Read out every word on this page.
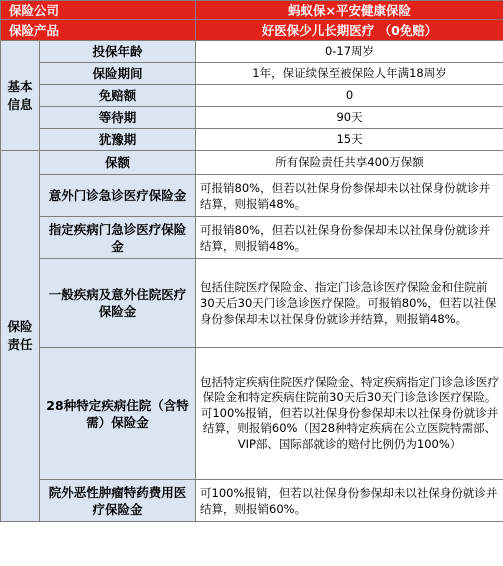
保险公司		蚂蚁保×平安健康保险
保险产品		好医保少儿长期医疗 （0免赔）
基本信息	投保年龄	0-17周岁
	保险期间	1年，保证续保至被保险人年满18周岁
	免赔额	0
	等待期	90天
	犹豫期	15天
保险责任	保额	所有保险责任共享400万保额
	意外门诊急诊医疗保险金	可报销80%，但若以社保身份参保却未以社保身份就诊并结算，则报销48%。
	指定疾病门急诊医疗保险金	可报销80%，但若以社保身份参保却未以社保身份就诊并结算，则报销48%。
	一般疾病及意外住院医疗保险金	包括住院医疗保险金、指定门诊急诊医疗保险金和住院前30天后30天门诊急诊医疗保险。可报销80%，但若以社保身份参保却未以社保身份就诊并结算，则报销48%。
	28种特定疾病住院（含特需）保险金	包括特定疾病住院医疗保险金、特定疾病指定门诊急诊医疗保险金和特定疾病住院前30天后30天门诊急诊医疗保险。可100%报销，但若以社保身份参保却未以社保身份就诊并结算，则报销60%（因28种特定疾病在公立医院特需部、VIP部、国际部就诊的赔付比例仍为100%）
	院外恶性肿瘤特药费用医疗保险金	可100%报销，但若以社保身份参保却未以社保身份就诊并结算，则报销60%。
